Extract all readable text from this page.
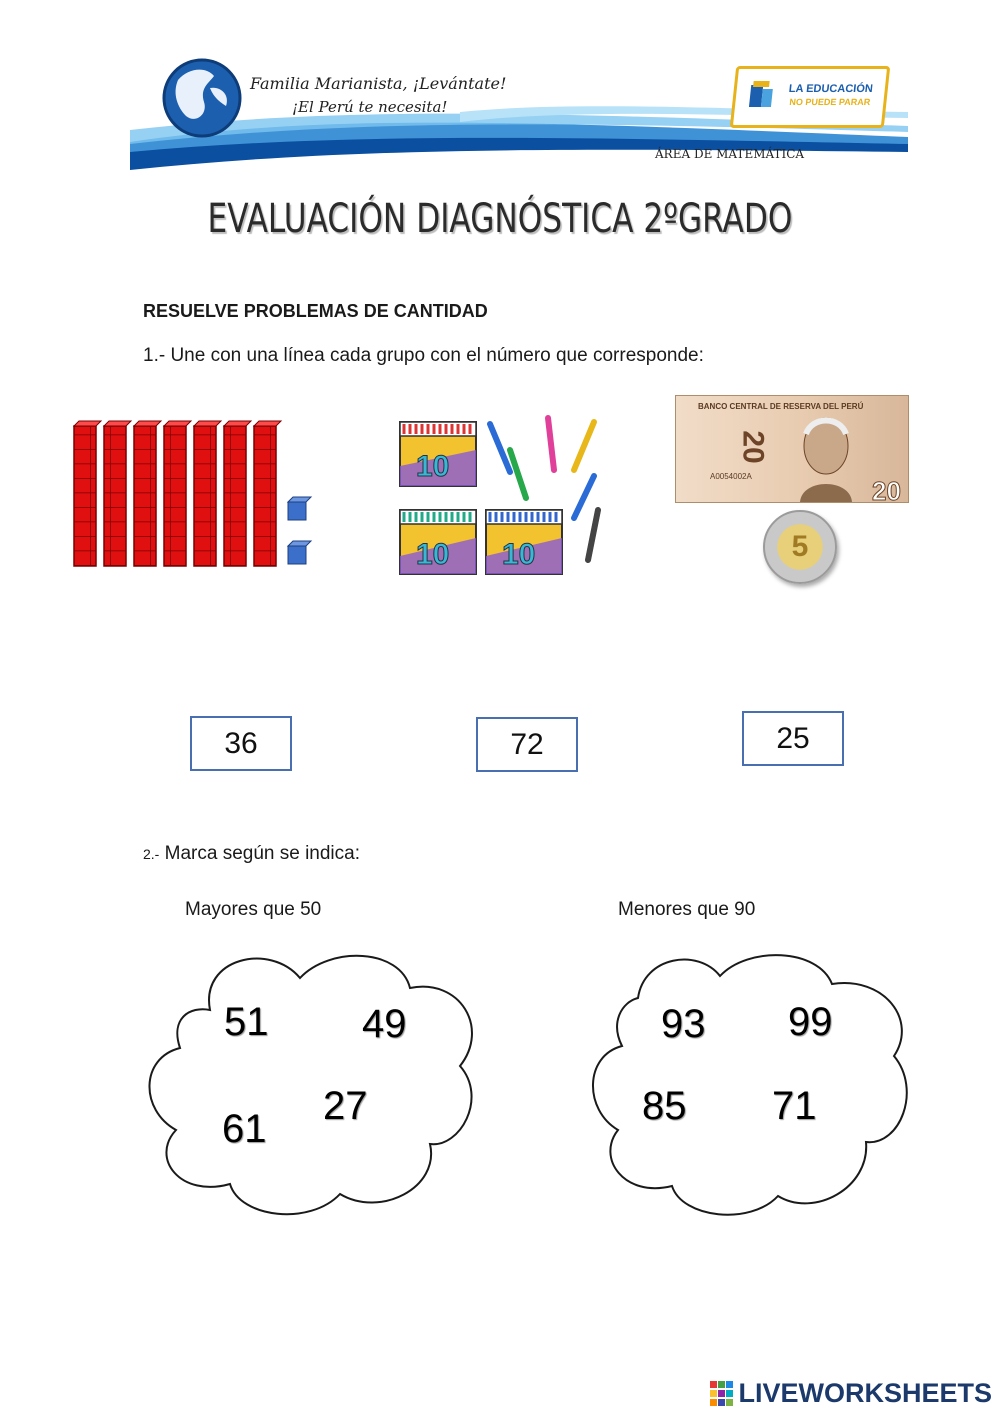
Familia Marianista, ¡Levántate!
¡El Perú te necesita!
LA EDUCACIÓN
NO PUEDE PARAR
ÁREA DE MATEMÁTICA
EVALUACIÓN DIAGNÓSTICA 2ºGRADO
RESUELVE PROBLEMAS DE CANTIDAD
1.- Une con una línea cada grupo con el número que corresponde:
10
10 10
BANCO CENTRAL DE RESERVA DEL PERÚ
A0054002A
20
20
5
36	72	25
2.- Marca según se indica:
Mayores que 50	Menores que 90
51 49
27
61
93 99
85 71
LIVEWORKSHEETS
